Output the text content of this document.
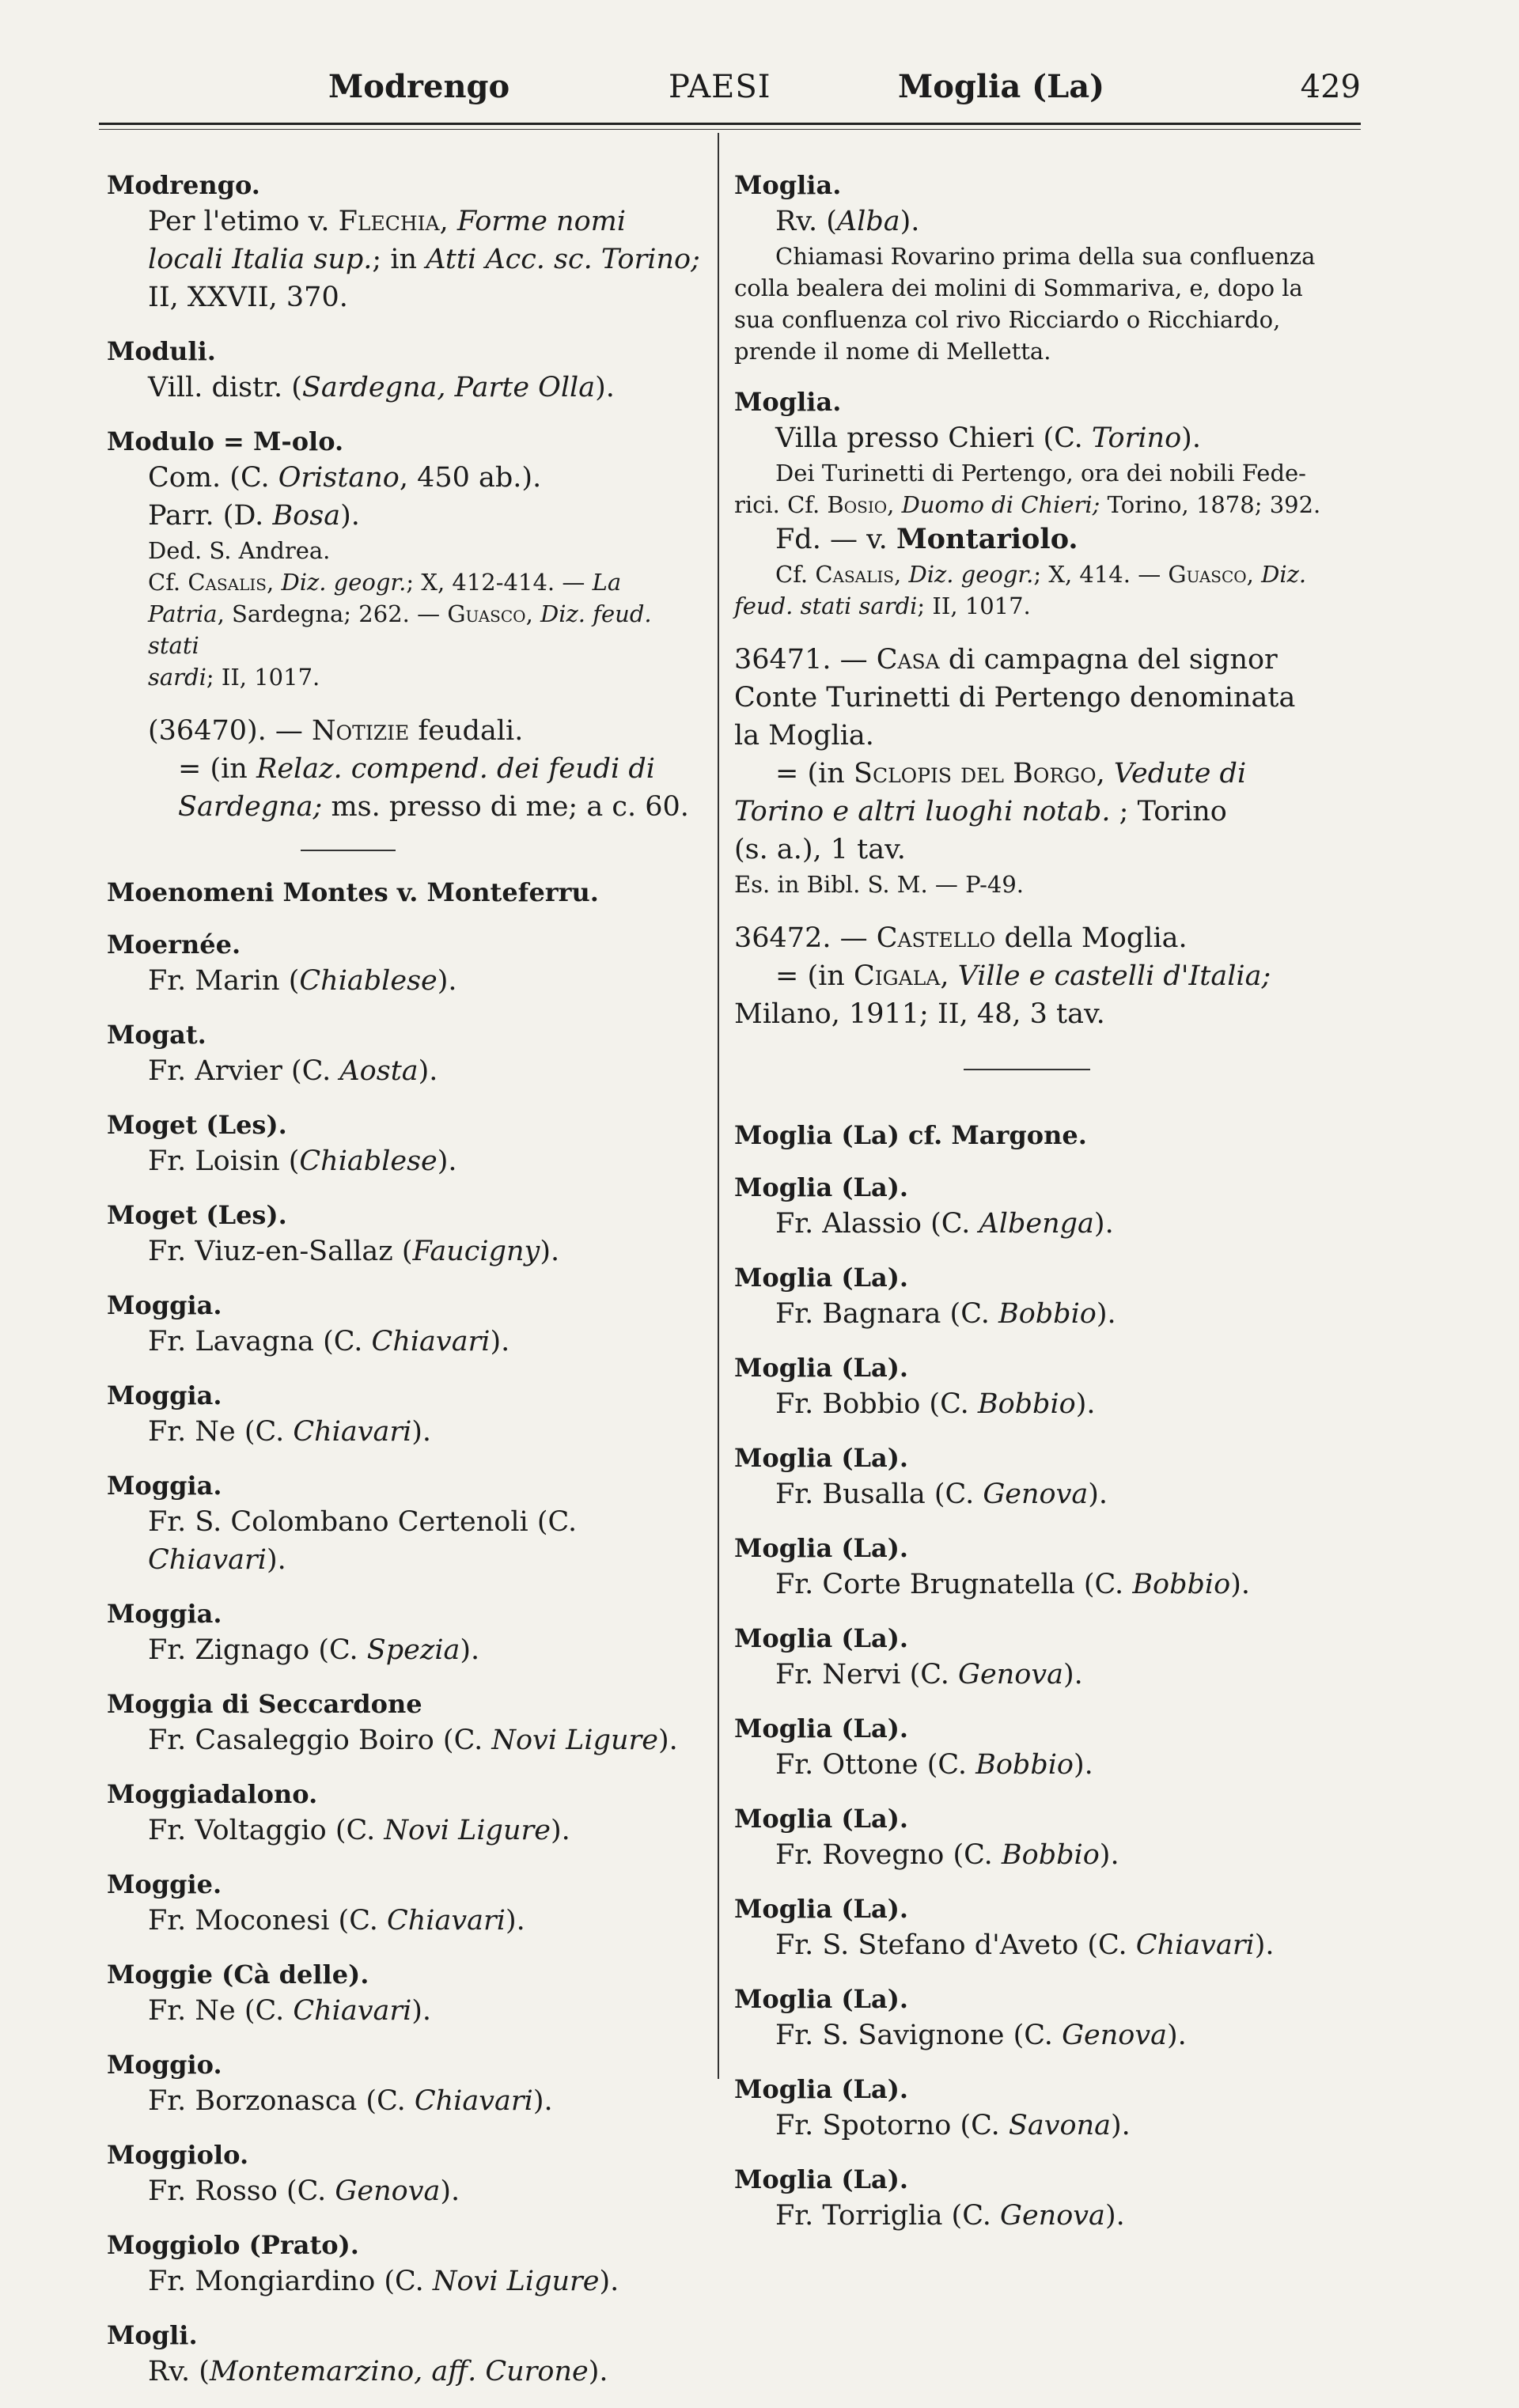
Modrengo	PAESI	Moglia (La)	429
Modrengo.
Per l'etimo v. Flechia, Forme nomi
locali Italia sup.; in Atti Acc. sc. Torino;
II, XXVII, 370.
Moduli.
Vill. distr. (Sardegna, Parte Olla).
Modulo = M-olo.
Com. (C. Oristano, 450 ab.).
Parr. (D. Bosa).
Ded. S. Andrea.
Cf. Casalis, Diz. geogr.; X, 412-414. — La
Patria, Sardegna; 262. — Guasco, Diz. feud. stati
sardi; II, 1017.
(36470). — Notizie feudali.
= (in Relaz. compend. dei feudi di
Sardegna; ms. presso di me; a c. 60.
Moenomeni Montes v. Monteferru.
Moernée.
Fr. Marin (Chiablese).
Mogat.
Fr. Arvier (C. Aosta).
Moget (Les).
Fr. Loisin (Chiablese).
Moget (Les).
Fr. Viuz-en-Sallaz (Faucigny).
Moggia.
Fr. Lavagna (C. Chiavari).
Moggia.
Fr. Ne (C. Chiavari).
Moggia.
Fr. S. Colombano Certenoli (C. Chiavari).
Moggia.
Fr. Zignago (C. Spezia).
Moggia di Seccardone
Fr. Casaleggio Boiro (C. Novi Ligure).
Moggiadalono.
Fr. Voltaggio (C. Novi Ligure).
Moggie.
Fr. Moconesi (C. Chiavari).
Moggie (Cà delle).
Fr. Ne (C. Chiavari).
Moggio.
Fr. Borzonasca (C. Chiavari).
Moggiolo.
Fr. Rosso (C. Genova).
Moggiolo (Prato).
Fr. Mongiardino (C. Novi Ligure).
Mogli.
Rv. (Montemarzino, aff. Curone).
Moglia.
Rv. (Alba).
Chiamasi Rovarino prima della sua confluenza
colla bealera dei molini di Sommariva, e, dopo la
sua confluenza col rivo Ricciardo o Ricchiardo,
prende il nome di Melletta.
Moglia.
Villa presso Chieri (C. Torino).
Dei Turinetti di Pertengo, ora dei nobili Fede-
rici. Cf. Bosio, Duomo di Chieri; Torino, 1878; 392.
Fd. — v. Montariolo.
Cf. Casalis, Diz. geogr.; X, 414. — Guasco, Diz.
feud. stati sardi; II, 1017.
36471. — Casa di campagna del signor
Conte Turinetti di Pertengo denominata
la Moglia.
= (in Sclopis del Borgo, Vedute di
Torino e altri luoghi notab. ; Torino
(s. a.), 1 tav.
Es. in Bibl. S. M. — P-49.
36472. — Castello della Moglia.
= (in Cigala, Ville e castelli d'Italia;
Milano, 1911; II, 48, 3 tav.
Moglia (La) cf. Margone.
Moglia (La).
Fr. Alassio (C. Albenga).
Moglia (La).
Fr. Bagnara (C. Bobbio).
Moglia (La).
Fr. Bobbio (C. Bobbio).
Moglia (La).
Fr. Busalla (C. Genova).
Moglia (La).
Fr. Corte Brugnatella (C. Bobbio).
Moglia (La).
Fr. Nervi (C. Genova).
Moglia (La).
Fr. Ottone (C. Bobbio).
Moglia (La).
Fr. Rovegno (C. Bobbio).
Moglia (La).
Fr. S. Stefano d'Aveto (C. Chiavari).
Moglia (La).
Fr. S. Savignone (C. Genova).
Moglia (La).
Fr. Spotorno (C. Savona).
Moglia (La).
Fr. Torriglia (C. Genova).
